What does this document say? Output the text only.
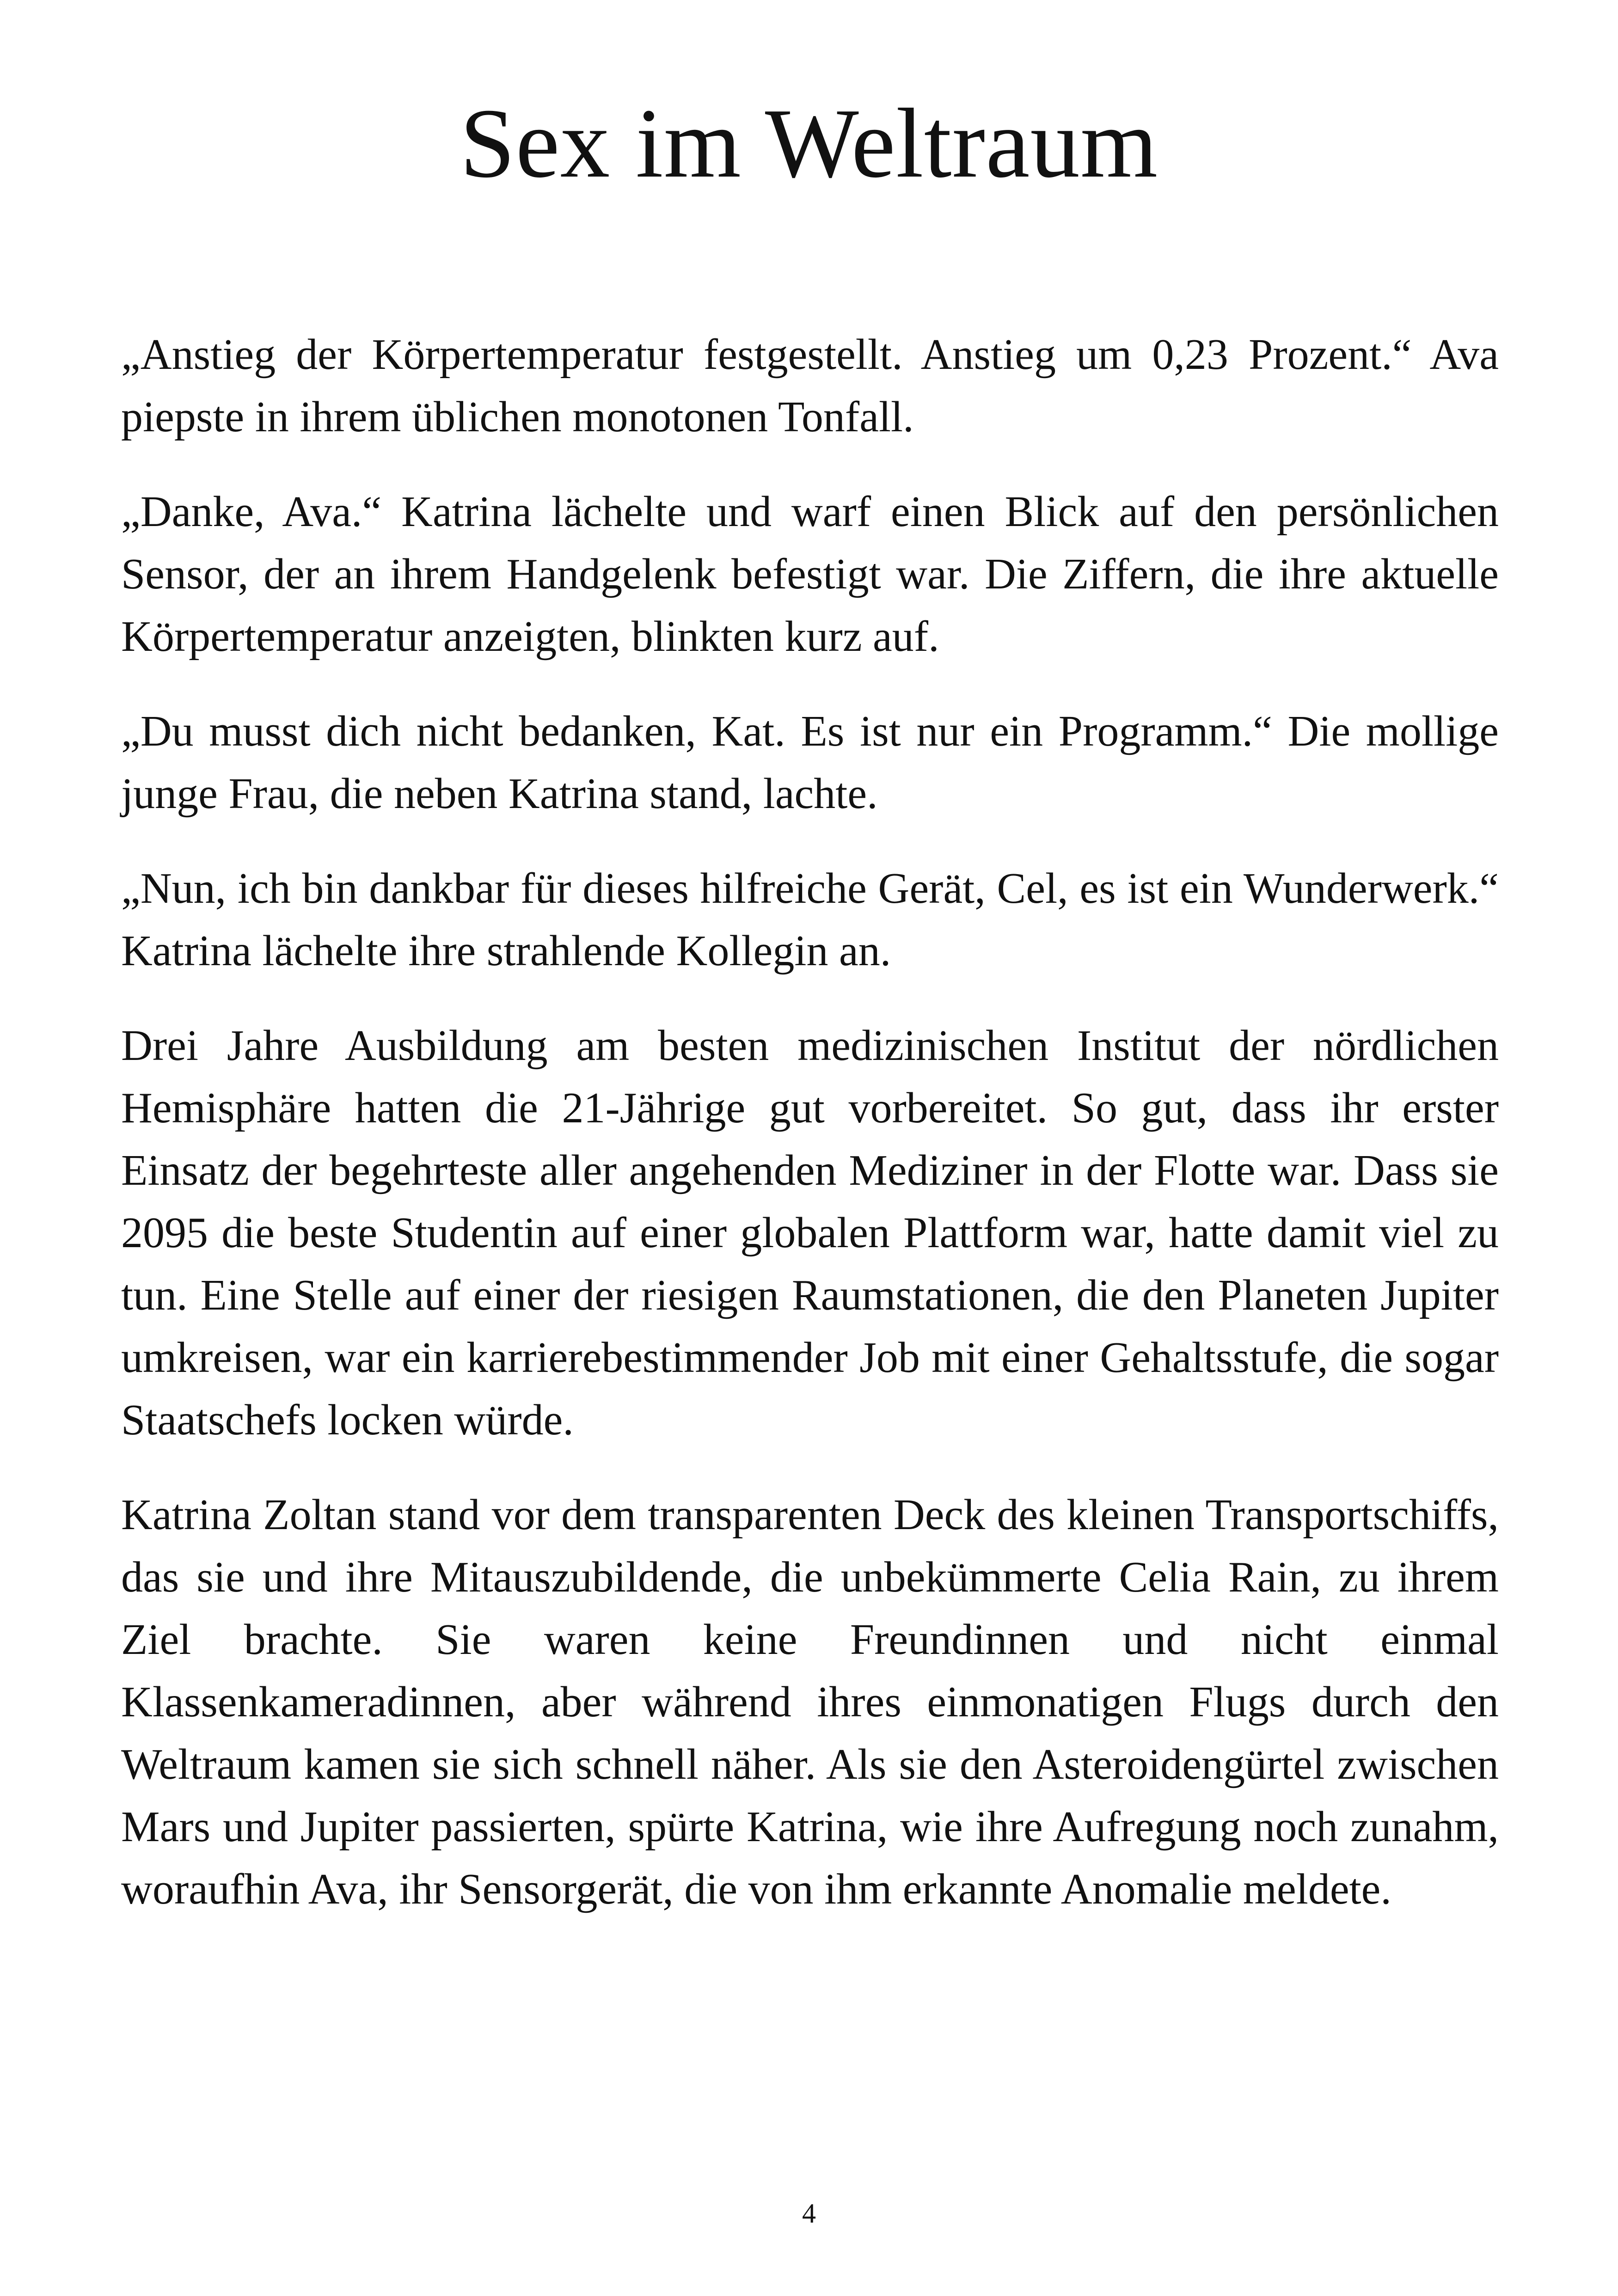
Sex im Weltraum

„Anstieg der Körpertemperatur festgestellt. Anstieg um 0,23 Prozent.“ Ava piepste in ihrem üblichen monotonen Tonfall.

„Danke, Ava.“ Katrina lächelte und warf einen Blick auf den persönlichen Sensor, der an ihrem Handgelenk befestigt war. Die Ziffern, die ihre aktuelle Körpertemperatur anzeigten, blinkten kurz auf.

„Du musst dich nicht bedanken, Kat. Es ist nur ein Programm.“ Die mollige junge Frau, die neben Katrina stand, lachte.

„Nun, ich bin dankbar für dieses hilfreiche Gerät, Cel, es ist ein Wunderwerk.“ Katrina lächelte ihre strahlende Kollegin an.

Drei Jahre Ausbildung am besten medizinischen Institut der nördlichen Hemisphäre hatten die 21-Jährige gut vorbereitet. So gut, dass ihr erster Einsatz der begehrteste aller angehenden Mediziner in der Flotte war. Dass sie 2095 die beste Studentin auf einer globalen Plattform war, hatte damit viel zu tun. Eine Stelle auf einer der riesigen Raumstationen, die den Planeten Jupiter umkreisen, war ein karrierebestimmender Job mit einer Gehaltsstufe, die sogar Staatschefs locken würde.

Katrina Zoltan stand vor dem transparenten Deck des kleinen Transportschiffs, das sie und ihre Mitauszubildende, die unbekümmerte Celia Rain, zu ihrem Ziel brachte. Sie waren keine Freundinnen und nicht einmal Klassenkameradinnen, aber während ihres einmonatigen Flugs durch den Weltraum kamen sie sich schnell näher. Als sie den Asteroidengürtel zwischen Mars und Jupiter passierten, spürte Katrina, wie ihre Aufregung noch zunahm, woraufhin Ava, ihr Sensorgerät, die von ihm erkannte Anomalie meldete.

4
